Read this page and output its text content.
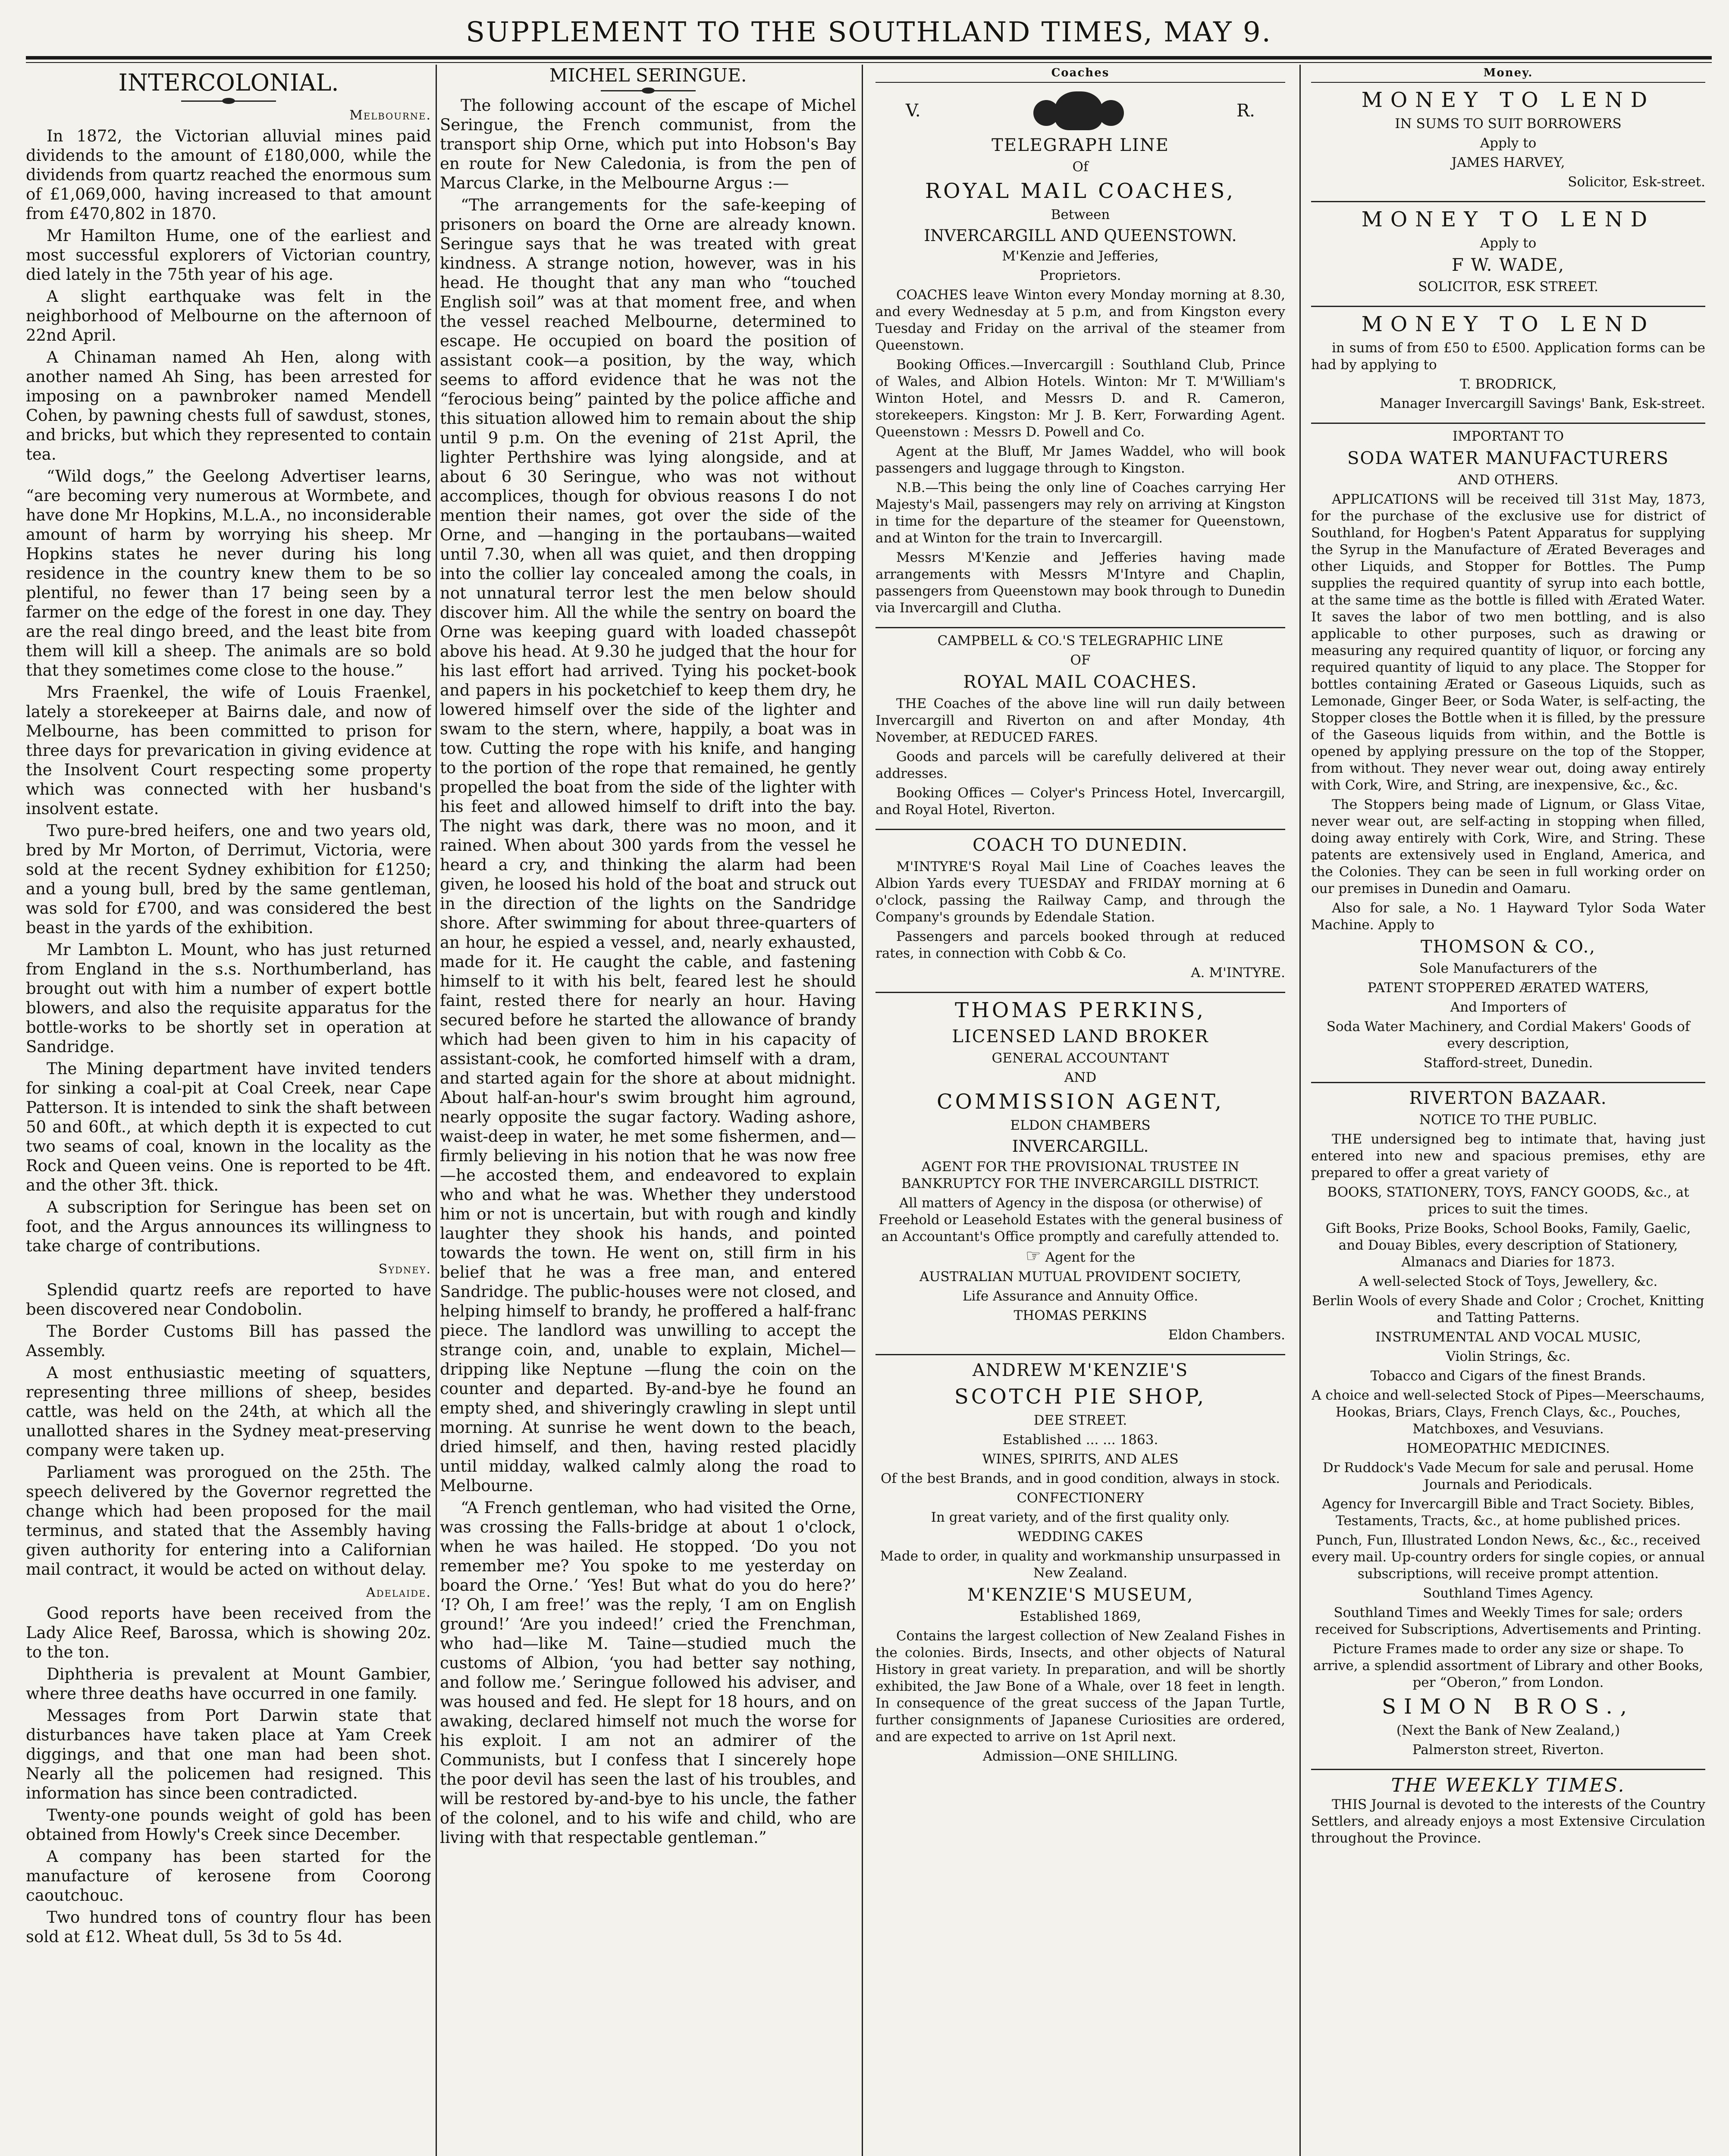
SUPPLEMENT TO THE SOUTHLAND TIMES, MAY 9.
INTERCOLONIAL.
Melbourne.

In 1872, the Victorian alluvial mines paid dividends to the amount of £180,000, while the dividends from quartz reached the enormous sum of £1,069,000, having increased to that amount from £470,802 in 1870.

Mr Hamilton Hume, one of the earliest and most successful explorers of Victorian country, died lately in the 75th year of his age.

A slight earthquake was felt in the neighborhood of Melbourne on the afternoon of 22nd April.

A Chinaman named Ah Hen, along with another named Ah Sing, has been arrested for imposing on a pawnbroker named Mendell Cohen, by pawning chests full of sawdust, stones, and bricks, but which they represented to contain tea.

“Wild dogs,” the Geelong Advertiser learns, “are becoming very numerous at Wormbete, and have done Mr Hopkins, M.L.A., no inconsiderable amount of harm by worrying his sheep. Mr Hopkins states he never during his long residence in the country knew them to be so plentiful, no fewer than 17 being seen by a farmer on the edge of the forest in one day. They are the real dingo breed, and the least bite from them will kill a sheep. The animals are so bold that they sometimes come close to the house.”

Mrs Fraenkel, the wife of Louis Fraenkel, lately a storekeeper at Bairns dale, and now of Melbourne, has been committed to prison for three days for prevarication in giving evidence at the Insolvent Court respecting some property which was connected with her husband's insolvent estate.

Two pure-bred heifers, one and two years old, bred by Mr Morton, of Derrimut, Victoria, were sold at the recent Sydney exhibition for £1250; and a young bull, bred by the same gentleman, was sold for £700, and was considered the best beast in the yards of the exhibition.

Mr Lambton L. Mount, who has just returned from England in the s.s. Northumberland, has brought out with him a number of expert bottle blowers, and also the requisite apparatus for the bottle-works to be shortly set in operation at Sandridge.

The Mining department have invited tenders for sinking a coal-pit at Coal Creek, near Cape Patterson. It is intended to sink the shaft between 50 and 60ft., at which depth it is expected to cut two seams of coal, known in the locality as the Rock and Queen veins. One is reported to be 4ft. and the other 3ft. thick.

A subscription for Seringue has been set on foot, and the Argus announces its willingness to take charge of contributions.

Sydney.

Splendid quartz reefs are reported to have been discovered near Condobolin.

The Border Customs Bill has passed the Assembly.

A most enthusiastic meeting of squatters, representing three millions of sheep, besides cattle, was held on the 24th, at which all the unallotted shares in the Sydney meat-preserving company were taken up.

Parliament was prorogued on the 25th. The speech delivered by the Governor regretted the change which had been proposed for the mail terminus, and stated that the Assembly having given authority for entering into a Californian mail contract, it would be acted on without delay.

Adelaide.

Good reports have been received from the Lady Alice Reef, Barossa, which is showing 20z. to the ton.

Diphtheria is prevalent at Mount Gambier, where three deaths have occurred in one family.

Messages from Port Darwin state that disturbances have taken place at Yam Creek diggings, and that one man had been shot. Nearly all the policemen had resigned. This information has since been contradicted.

Twenty-one pounds weight of gold has been obtained from Howly's Creek since December.

A company has been started for the manufacture of kerosene from Coorong caoutchouc.

Two hundred tons of country flour has been sold at £12. Wheat dull, 5s 3d to 5s 4d.

MICHEL SERINGUE.

The following account of the escape of Michel Seringue, the French communist, from the transport ship Orne, which put into Hobson's Bay en route for New Caledonia, is from the pen of Marcus Clarke, in the Melbourne Argus :—

“The arrangements for the safe-keeping of prisoners on board the Orne are already known. Seringue says that he was treated with great kindness. A strange notion, however, was in his head. He thought that any man who “touched English soil” was at that moment free, and when the vessel reached Melbourne, determined to escape. He occupied on board the position of assistant cook—a position, by the way, which seems to afford evidence that he was not the “ferocious being” painted by the police affiche and this situation allowed him to remain about the ship until 9 p.m. On the evening of 21st April, the lighter Perthshire was lying alongside, and at about 6 30 Seringue, who was not without accomplices, though for obvious reasons I do not mention their names, got over the side of the Orne, and —hanging in the portaubans—waited until 7.30, when all was quiet, and then dropping into the collier lay concealed among the coals, in not unnatural terror lest the men below should discover him. All the while the sentry on board the Orne was keeping guard with loaded chassepôt above his head. At 9.30 he judged that the hour for his last effort had arrived. Tying his pocket-book and papers in his pocketchief to keep them dry, he lowered himself over the side of the lighter and swam to the stern, where, happily, a boat was in tow. Cutting the rope with his knife, and hanging to the portion of the rope that remained, he gently propelled the boat from the side of the lighter with his feet and allowed himself to drift into the bay. The night was dark, there was no moon, and it rained. When about 300 yards from the vessel he heard a cry, and thinking the alarm had been given, he loosed his hold of the boat and struck out in the direction of the lights on the Sandridge shore. After swimming for about three-quarters of an hour, he espied a vessel, and, nearly exhausted, made for it. He caught the cable, and fastening himself to it with his belt, feared lest he should faint, rested there for nearly an hour. Having secured before he started the allowance of brandy which had been given to him in his capacity of assistant-cook, he comforted himself with a dram, and started again for the shore at about midnight. About half-an-hour's swim brought him aground, nearly opposite the sugar factory. Wading ashore, waist-deep in water, he met some fishermen, and—firmly believing in his notion that he was now free—he accosted them, and endeavored to explain who and what he was. Whether they understood him or not is uncertain, but with rough and kindly laughter they shook his hands, and pointed towards the town. He went on, still firm in his belief that he was a free man, and entered Sandridge. The public-houses were not closed, and helping himself to brandy, he proffered a half-franc piece. The landlord was unwilling to accept the strange coin, and, unable to explain, Michel—dripping like Neptune —flung the coin on the counter and departed. By-and-bye he found an empty shed, and shiveringly crawling in slept until morning. At sunrise he went down to the beach, dried himself, and then, having rested placidly until midday, walked calmly along the road to Melbourne.

“A French gentleman, who had visited the Orne, was crossing the Falls-bridge at about 1 o'clock, when he was hailed. He stopped. ‘Do you not remember me? You spoke to me yesterday on board the Orne.’ ‘Yes! But what do you do here?’ ‘I? Oh, I am free!’ was the reply, ‘I am on English ground!’ ‘Are you indeed!’ cried the Frenchman, who had—like M. Taine—studied much the customs of Albion, ‘you had better say nothing, and follow me.’ Seringue followed his adviser, and was housed and fed. He slept for 18 hours, and on awaking, declared himself not much the worse for his exploit. I am not an admirer of the Communists, but I confess that I sincerely hope the poor devil has seen the last of his troubles, and will be restored by-and-bye to his uncle, the father of the colonel, and to his wife and child, who are living with that respectable gentleman.”

Coaches
V.	R.

TELEGRAPH LINE

Of

ROYAL MAIL COACHES,

Between

INVERCARGILL AND QUEENSTOWN.

M'Kenzie and Jefferies,

Proprietors.

COACHES leave Winton every Monday morning at 8.30, and every Wednesday at 5 p.m, and from Kingston every Tuesday and Friday on the arrival of the steamer from Queenstown.

Booking Offices.—Invercargill : Southland Club, Prince of Wales, and Albion Hotels. Winton: Mr T. M'William's Winton Hotel, and Messrs D. and R. Cameron, storekeepers. Kingston: Mr J. B. Kerr, Forwarding Agent. Queenstown : Messrs D. Powell and Co.

Agent at the Bluff, Mr James Waddel, who will book passengers and luggage through to Kingston.

N.B.—This being the only line of Coaches carrying Her Majesty's Mail, passengers may rely on arriving at Kingston in time for the departure of the steamer for Queenstown, and at Winton for the train to Invercargill.

Messrs M'Kenzie and Jefferies having made arrangements with Messrs M'Intyre and Chaplin, passengers from Queenstown may book through to Dunedin via Invercargill and Clutha.

CAMPBELL & CO.'S TELEGRAPHIC LINE

OF

ROYAL MAIL COACHES.

THE Coaches of the above line will run daily between Invercargill and Riverton on and after Monday, 4th November, at REDUCED FARES.

Goods and parcels will be carefully delivered at their addresses.

Booking Offices — Colyer's Princess Hotel, Invercargill, and Royal Hotel, Riverton.

COACH TO DUNEDIN.

M'INTYRE'S Royal Mail Line of Coaches leaves the Albion Yards every TUESDAY and FRIDAY morning at 6 o'clock, passing the Railway Camp, and through the Company's grounds by Edendale Station.

Passengers and parcels booked through at reduced rates, in connection with Cobb & Co.

A. M'INTYRE.

THOMAS PERKINS,

LICENSED LAND BROKER

GENERAL ACCOUNTANT

AND

COMMISSION AGENT,

ELDON CHAMBERS

INVERCARGILL.

AGENT FOR THE PROVISIONAL TRUSTEE IN BANKRUPTCY FOR THE INVERCARGILL DISTRICT.

All matters of Agency in the disposa (or otherwise) of Freehold or Leasehold Estates with the general business of an Accountant's Office promptly and carefully attended to.

☞ Agent for the

AUSTRALIAN MUTUAL PROVIDENT SOCIETY,

Life Assurance and Annuity Office.

THOMAS PERKINS

Eldon Chambers.

ANDREW M'KENZIE'S

SCOTCH PIE SHOP,

DEE STREET.

Established ... ... 1863.

WINES, SPIRITS, AND ALES

Of the best Brands, and in good condition, always in stock.

CONFECTIONERY

In great variety, and of the first quality only.

WEDDING CAKES

Made to order, in quality and workmanship unsurpassed in New Zealand.

M'KENZIE'S MUSEUM,

Established 1869,

Contains the largest collection of New Zealand Fishes in the colonies. Birds, Insects, and other objects of Natural History in great variety. In preparation, and will be shortly exhibited, the Jaw Bone of a Whale, over 18 feet in length. In consequence of the great success of the Japan Turtle, further consignments of Japanese Curiosities are ordered, and are expected to arrive on 1st April next.

Admission—ONE SHILLING.

Money.

MONEY TO LEND

IN SUMS TO SUIT BORROWERS

Apply to

JAMES HARVEY,

Solicitor, Esk-street.

MONEY TO LEND

Apply to

F W. WADE,

SOLICITOR, ESK STREET.

MONEY TO LEND

in sums of from £50 to £500. Application forms can be had by applying to

T. BRODRICK,

Manager Invercargill Savings' Bank, Esk-street.

IMPORTANT TO

SODA WATER MANUFACTURERS

AND OTHERS.

APPLICATIONS will be received till 31st May, 1873, for the purchase of the exclusive use for district of Southland, for Hogben's Patent Apparatus for supplying the Syrup in the Manufacture of Ærated Beverages and other Liquids, and Stopper for Bottles. The Pump supplies the required quantity of syrup into each bottle, at the same time as the bottle is filled with Ærated Water. It saves the labor of two men bottling, and is also applicable to other purposes, such as drawing or measuring any required quantity of liquor, or forcing any required quantity of liquid to any place. The Stopper for bottles containing Ærated or Gaseous Liquids, such as Lemonade, Ginger Beer, or Soda Water, is self-acting, the Stopper closes the Bottle when it is filled, by the pressure of the Gaseous liquids from within, and the Bottle is opened by applying pressure on the top of the Stopper, from without. They never wear out, doing away entirely with Cork, Wire, and String, are inexpensive, &c., &c.

The Stoppers being made of Lignum, or Glass Vitae, never wear out, are self-acting in stopping when filled, doing away entirely with Cork, Wire, and String. These patents are extensively used in England, America, and the Colonies. They can be seen in full working order on our premises in Dunedin and Oamaru.

Also for sale, a No. 1 Hayward Tylor Soda Water Machine. Apply to

THOMSON & CO.,

Sole Manufacturers of the

PATENT STOPPERED ÆRATED WATERS,

And Importers of

Soda Water Machinery, and Cordial Makers' Goods of every description,

Stafford-street, Dunedin.

RIVERTON BAZAAR.

NOTICE TO THE PUBLIC.

THE undersigned beg to intimate that, having just entered into new and spacious premises, ethy are prepared to offer a great variety of

BOOKS, STATIONERY, TOYS, FANCY GOODS, &c., at prices to suit the times.

Gift Books, Prize Books, School Books, Family, Gaelic, and Douay Bibles, every description of Stationery, Almanacs and Diaries for 1873.

A well-selected Stock of Toys, Jewellery, &c.

Berlin Wools of every Shade and Color ; Crochet, Knitting and Tatting Patterns.

INSTRUMENTAL AND VOCAL MUSIC,

Violin Strings, &c.

Tobacco and Cigars of the finest Brands.

A choice and well-selected Stock of Pipes—Meerschaums, Hookas, Briars, Clays, French Clays, &c., Pouches, Matchboxes, and Vesuvians.

HOMEOPATHIC MEDICINES.

Dr Ruddock's Vade Mecum for sale and perusal. Home Journals and Periodicals.

Agency for Invercargill Bible and Tract Society. Bibles, Testaments, Tracts, &c., at home published prices.

Punch, Fun, Illustrated London News, &c., &c., received every mail. Up-country orders for single copies, or annual subscriptions, will receive prompt attention.

Southland Times Agency.

Southland Times and Weekly Times for sale; orders received for Subscriptions, Advertisements and Printing.

Picture Frames made to order any size or shape. To arrive, a splendid assortment of Library and other Books, per “Oberon,” from London.

SIMON BROS.,

(Next the Bank of New Zealand,)

Palmerston street, Riverton.

THE WEEKLY TIMES.

THIS Journal is devoted to the interests of the Country Settlers, and already enjoys a most Extensive Circulation throughout the Province.
